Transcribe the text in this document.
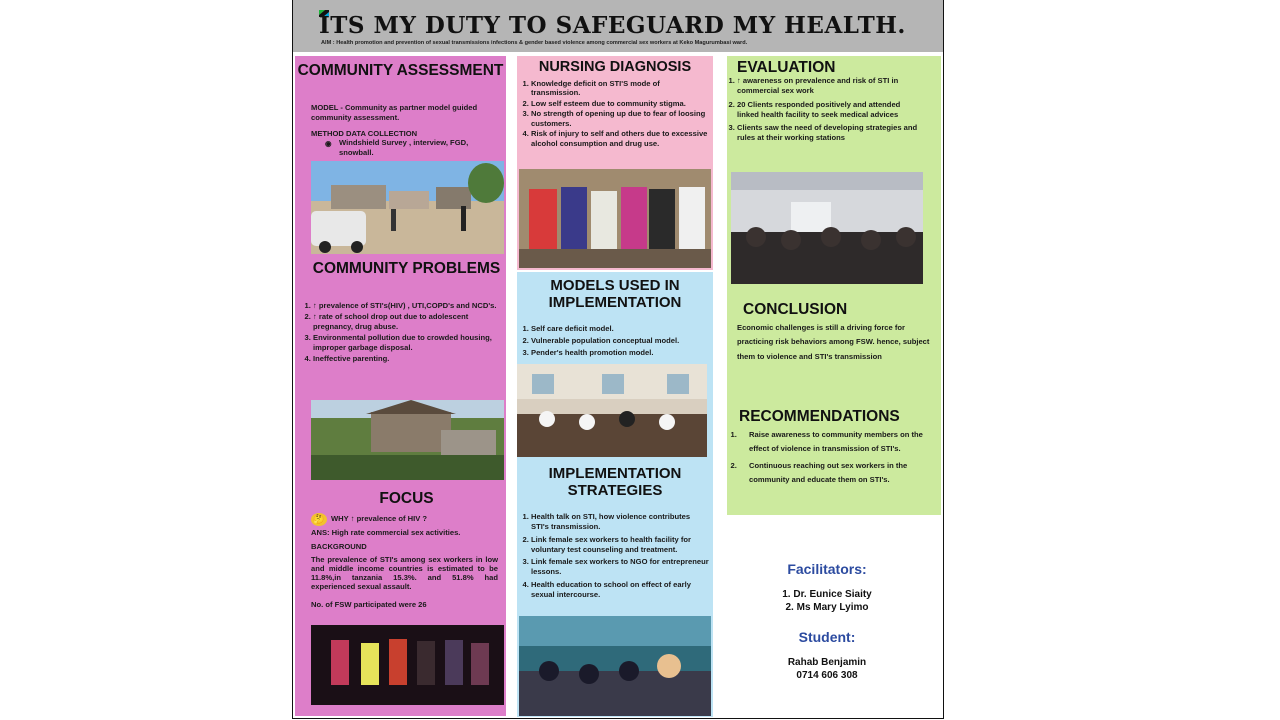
ITS MY DUTY TO SAFEGUARD MY HEALTH.
AIM : Health promotion and prevention of sexual transmissions infections & gender based violence among commercial sex workers at Keko Magurumbasi ward.
COMMUNITY ASSESSMENT
MODEL - Community as partner model guided community assessment.
METHOD DATA COLLECTION
◉ Windshield Survey , interview, FGD, snowball.
COMMUNITY PROBLEMS
1. ↑ prevalence of STI's(HIV) , UTI,COPD's and NCD's.
2. ↑ rate of school drop out due to adolescent pregnancy, drug abuse.
3. Environmental pollution due to crowded housing, improper garbage disposal.
4. Ineffective parenting.
FOCUS
🤔 WHY ↑ prevalence of HIV ?
ANS: High rate commercial sex activities.
BACKGROUND
The prevalence of STI's among sex workers in low and middle income countries is estimated to be 11.8%,in tanzania 15.3%. and 51.8% had experienced sexual assault.
No. of FSW participated were 26
NURSING DIAGNOSIS
1. Knowledge deficit on STI'S mode of transmission.
2. Low self esteem due to community stigma.
3. No strength of opening up due to fear of loosing customers.
4. Risk of injury to self and others due to excessive alcohol consumption and drug use.
MODELS USED IN IMPLEMENTATION
1. Self care deficit model.
2. Vulnerable population conceptual model.
3. Pender's health promotion model.
IMPLEMENTATION STRATEGIES
1. Health talk on STI, how violence contributes STI's transmission.
2. Link female sex workers to health facility for voluntary test counseling and treatment.
3. Link female sex workers to NGO for entrepreneur lessons.
4. Health education to school on effect of early sexual intercourse.
EVALUATION
1. ↑ awareness on prevalence and risk of STI in commercial sex work
2. 20 Clients responded positively and attended linked health facility to seek medical advices
3. Clients saw the need of developing strategies and rules at their working stations
CONCLUSION
Economic challenges is still a driving force for practicing risk behaviors among FSW. hence, subject them to violence and STI's transmission
RECOMMENDATIONS
1. Raise awareness to community members on the effect of violence in transmission of STI's.
2. Continuous reaching out sex workers in the community and educate them on STI's.
Facilitators:
1. Dr. Eunice Siaity
2. Ms Mary Lyimo
Student:
Rahab Benjamin
0714 606 308
